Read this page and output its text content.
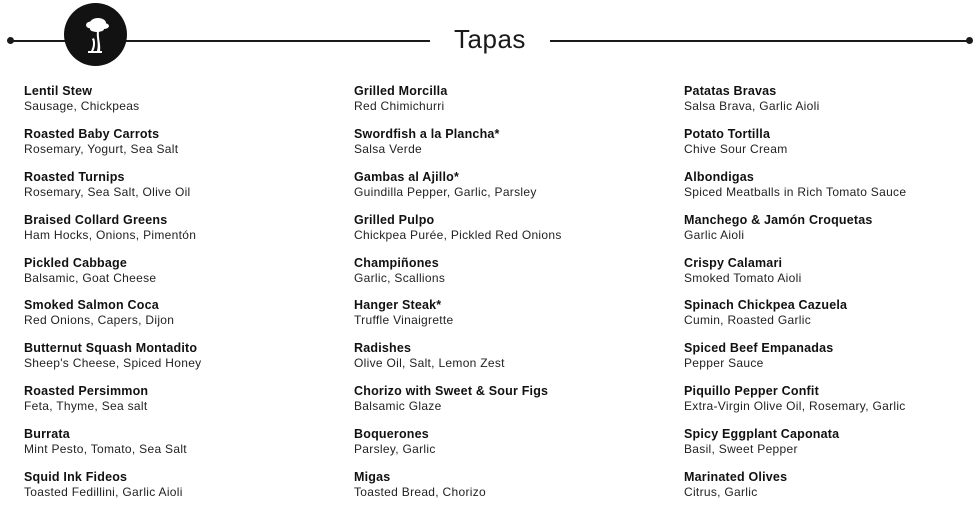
Tapas
Lentil Stew
Sausage, Chickpeas
Roasted Baby Carrots
Rosemary, Yogurt, Sea Salt
Roasted Turnips
Rosemary, Sea Salt, Olive Oil
Braised Collard Greens
Ham Hocks, Onions, Pimentón
Pickled Cabbage
Balsamic, Goat Cheese
Smoked Salmon Coca
Red Onions, Capers, Dijon
Butternut Squash Montadito
Sheep's Cheese, Spiced Honey
Roasted Persimmon
Feta, Thyme, Sea salt
Burrata
Mint Pesto, Tomato, Sea Salt
Squid Ink Fideos
Toasted Fedillini, Garlic Aioli
Grilled Morcilla
Red Chimichurri
Swordfish a la Plancha*
Salsa Verde
Gambas al Ajillo*
Guindilla Pepper, Garlic, Parsley
Grilled Pulpo
Chickpea Purée, Pickled Red Onions
Champiñones
Garlic, Scallions
Hanger Steak*
Truffle Vinaigrette
Radishes
Olive Oil, Salt, Lemon Zest
Chorizo with Sweet & Sour Figs
Balsamic Glaze
Boquerones
Parsley, Garlic
Migas
Toasted Bread, Chorizo
Patatas Bravas
Salsa Brava, Garlic Aioli
Potato Tortilla
Chive Sour Cream
Albondigas
Spiced Meatballs in Rich Tomato Sauce
Manchego & Jamón Croquetas
Garlic Aioli
Crispy Calamari
Smoked Tomato Aioli
Spinach Chickpea Cazuela
Cumin, Roasted Garlic
Spiced Beef Empanadas
Pepper Sauce
Piquillo Pepper Confit
Extra-Virgin Olive Oil, Rosemary, Garlic
Spicy Eggplant Caponata
Basil, Sweet Pepper
Marinated Olives
Citrus, Garlic
